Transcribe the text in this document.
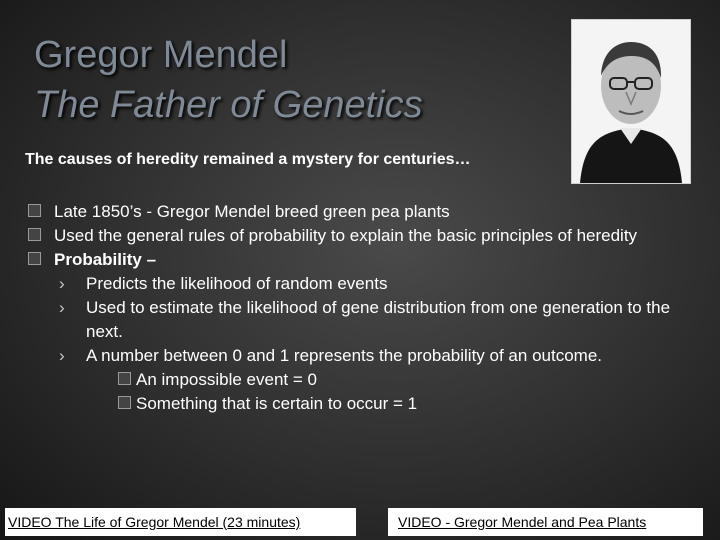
Gregor Mendel
The Father of Genetics
The causes of heredity remained a mystery for centuries…
Late 1850’s - Gregor Mendel breed green pea plants
Used the general rules of probability to explain the basic principles of heredity
Probability –
› Predicts the likelihood of random events
› Used to estimate the likelihood of gene distribution from one generation to the next.
› A number between 0 and 1 represents the probability of an outcome.
An impossible event = 0
Something that is certain to occur = 1
VIDEO The Life of Gregor Mendel (23 minutes)	VIDEO - Gregor Mendel and Pea Plants
